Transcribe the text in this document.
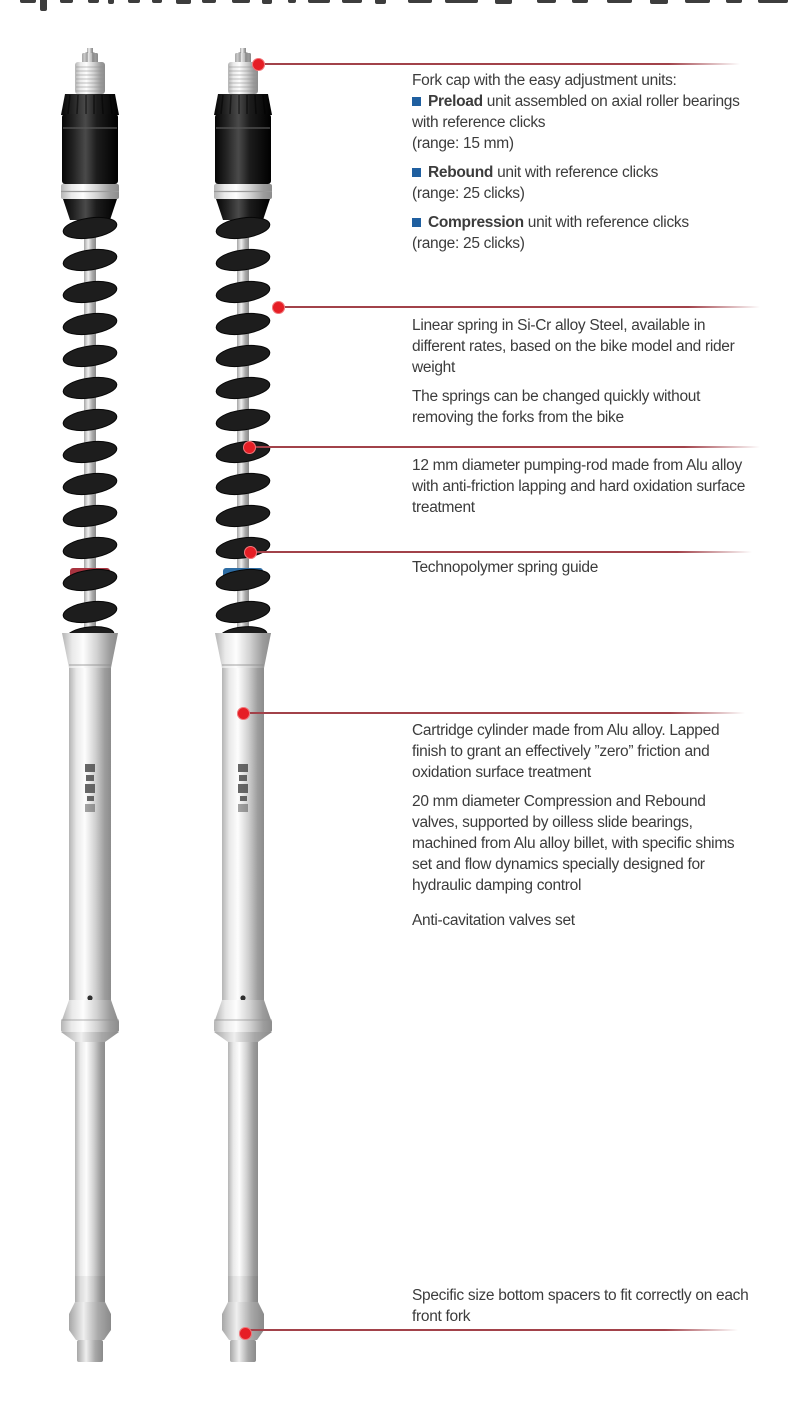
Fork cap with the easy adjustment units:

Preload unit assembled on axial roller bearings with reference clicks
(range: 15 mm)

Rebound unit with reference clicks
(range: 25 clicks)

Compression unit with reference clicks
(range: 25 clicks)

Linear spring in Si-Cr alloy Steel, available in different rates, based on the bike model and rider weight

The springs can be changed quickly without removing the forks from the bike

12 mm diameter pumping-rod made from Alu alloy with anti-friction lapping and hard oxidation surface treatment

Technopolymer spring guide

Cartridge cylinder made from Alu alloy. Lapped finish to grant an effectively ”zero” friction and oxidation surface treatment

20 mm diameter Compression and Rebound valves, supported by oilless slide bearings, machined from Alu alloy billet, with specific shims set and flow dynamics specially designed for hydraulic damping control

Anti-cavitation valves set

Specific size bottom spacers to fit correctly on each front fork
